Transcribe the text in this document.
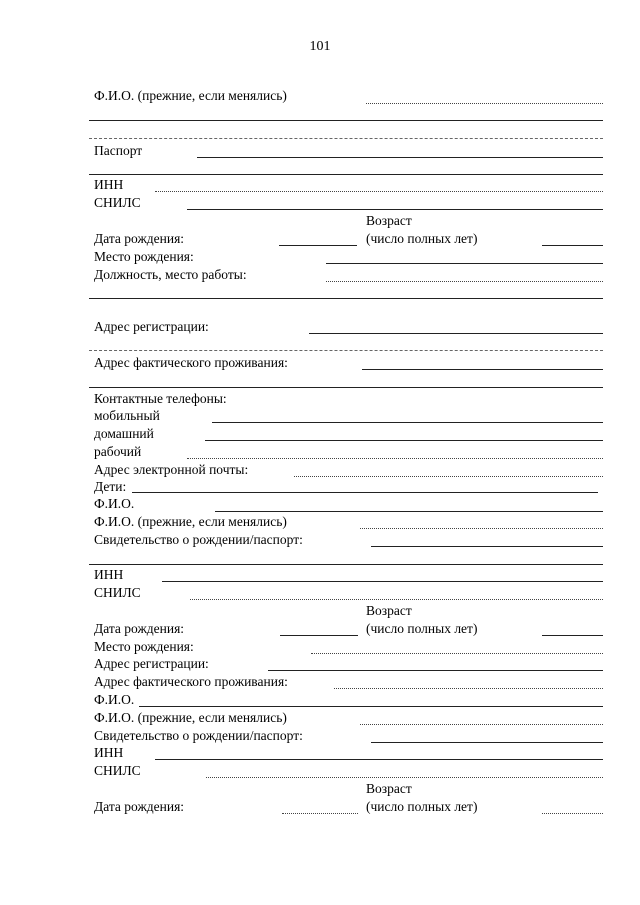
101
Ф.И.О. (прежние, если менялись)
Паспорт
ИНН
СНИЛС
Возраст
Дата рождения:	(число полных лет)
Место рождения:
Должность, место работы:
Адрес регистрации:
Адрес фактического проживания:
Контактные телефоны:
мобильный
домашний
рабочий
Адрес электронной почты:
Дети:
Ф.И.О.
Ф.И.О. (прежние, если менялись)
Свидетельство о рождении/паспорт:
ИНН
СНИЛС
Возраст
Дата рождения:	(число полных лет)
Место рождения:
Адрес регистрации:
Адрес фактического проживания:
Ф.И.О.
Ф.И.О. (прежние, если менялись)
Свидетельство о рождении/паспорт:
ИНН
СНИЛС
Возраст
Дата рождения:	(число полных лет)
